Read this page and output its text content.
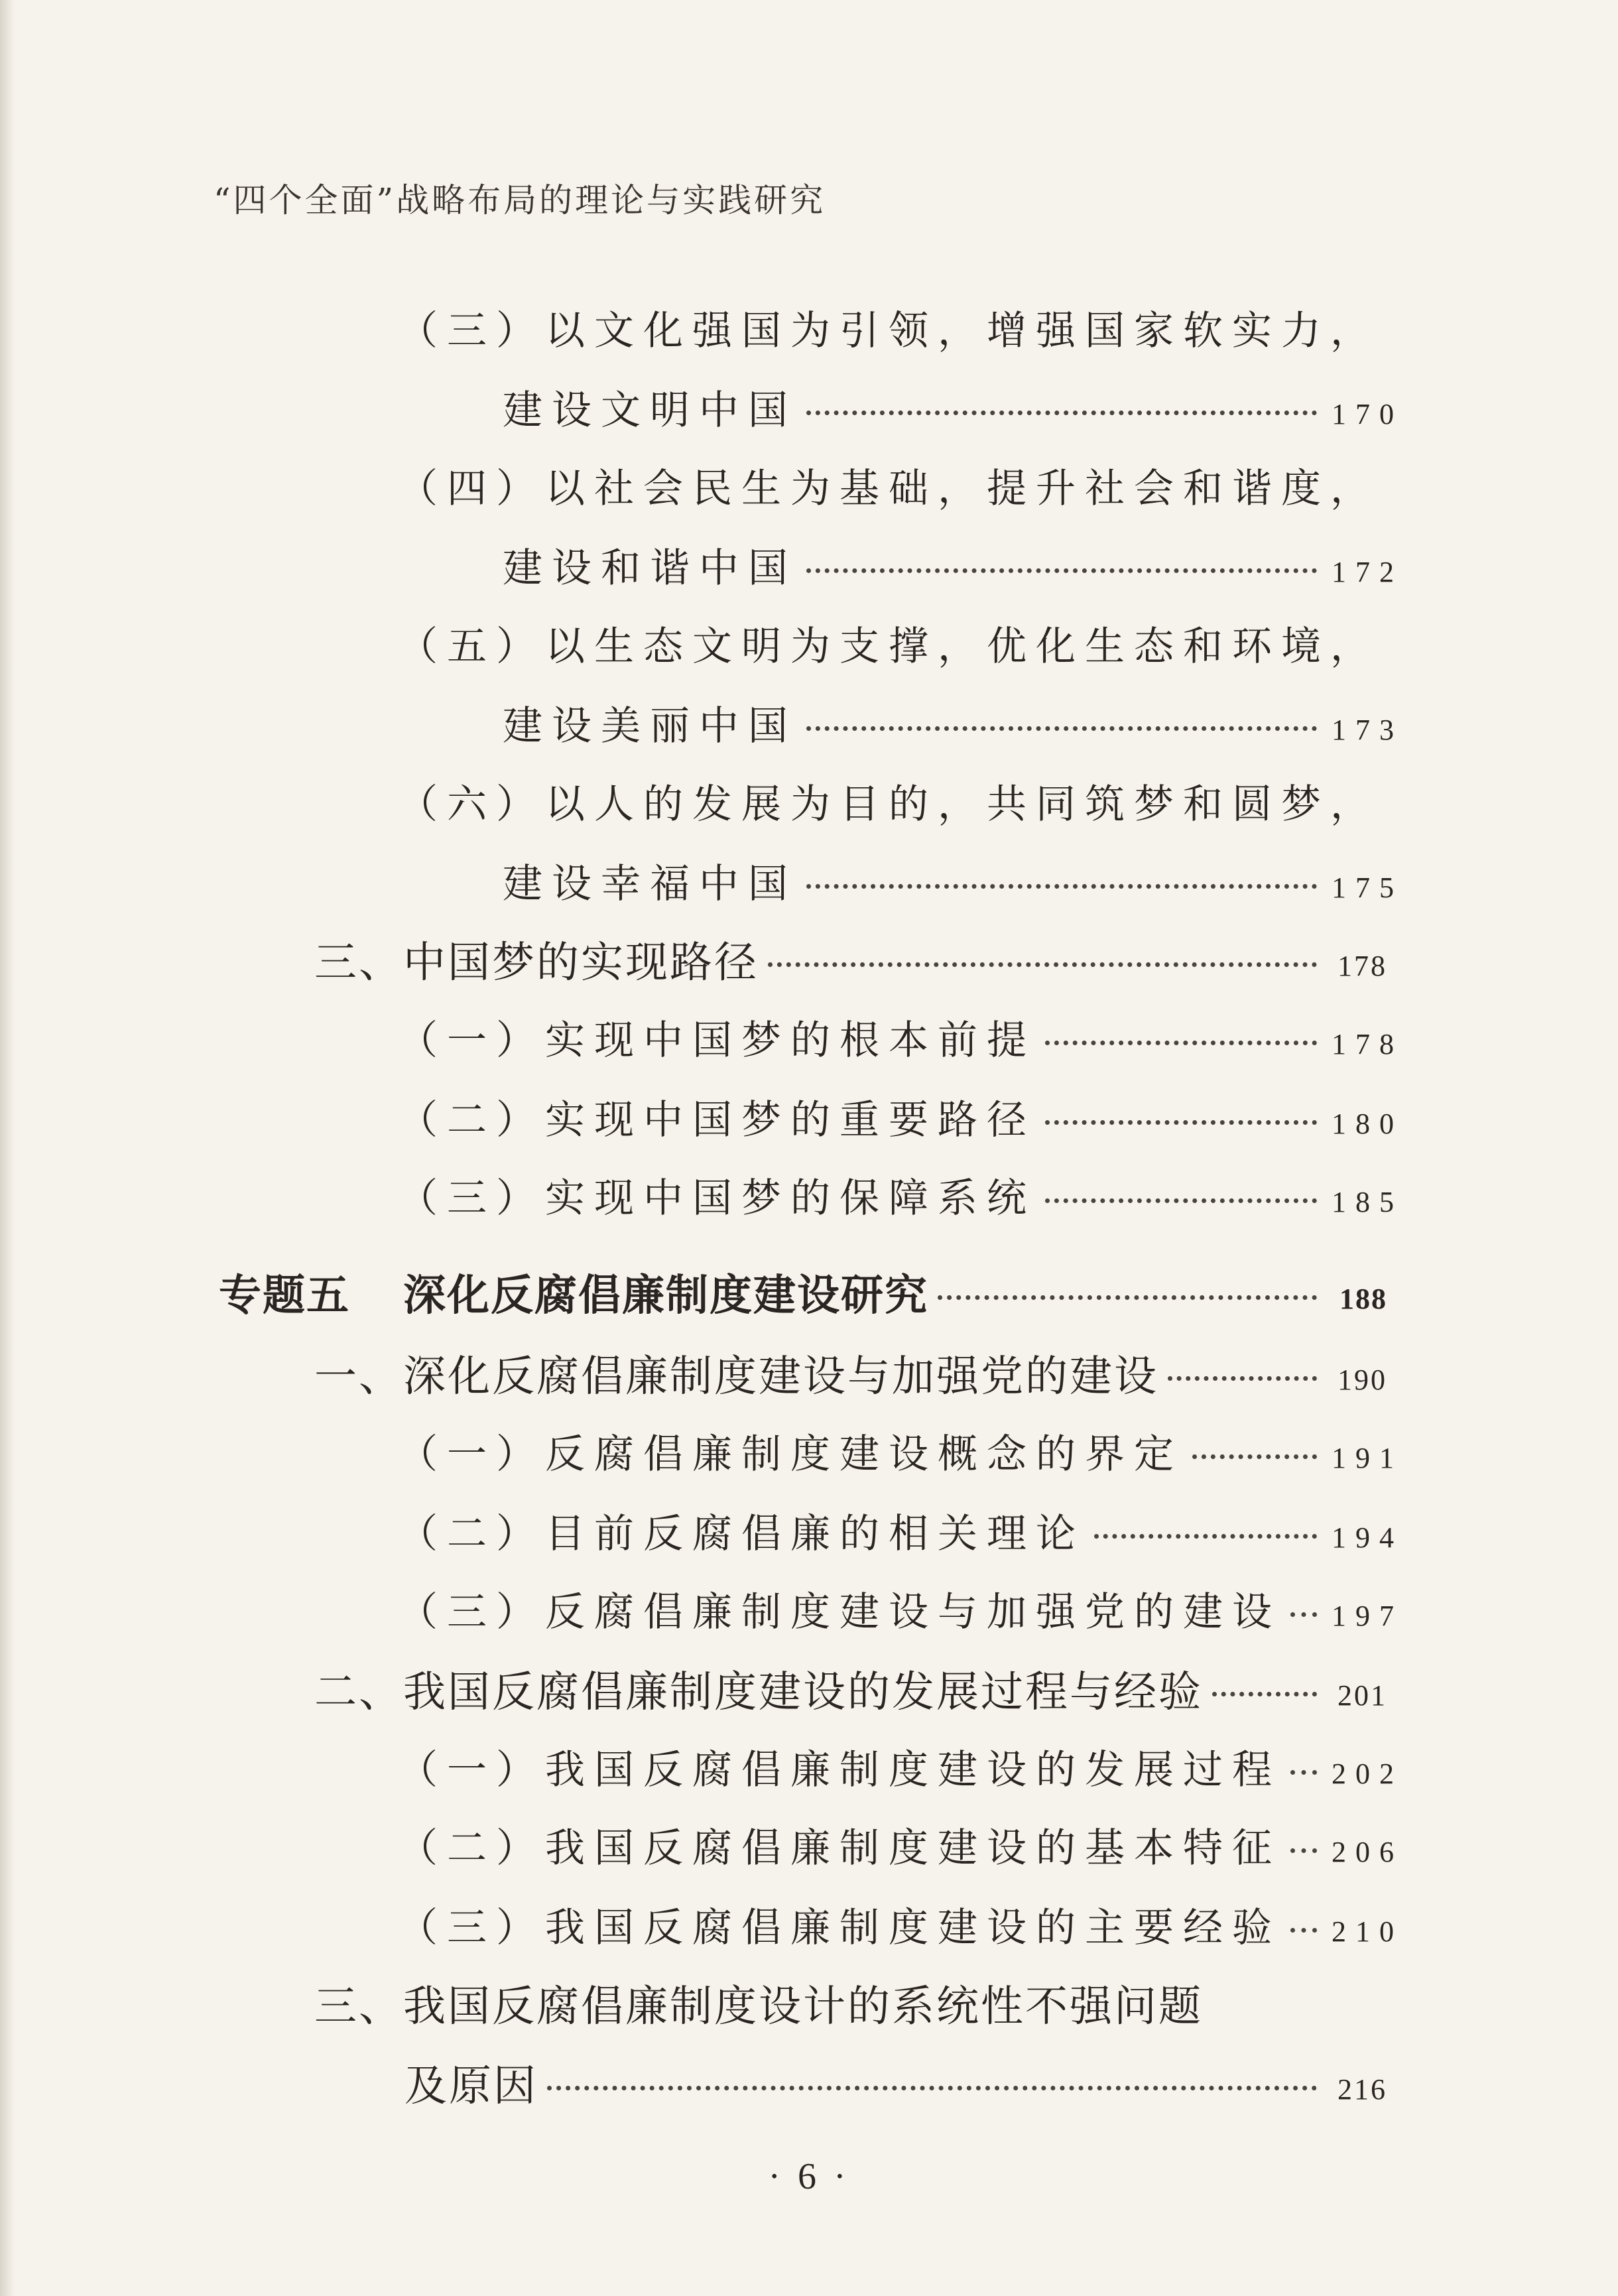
“四个全面”战略布局的理论与实践研究
（三）以文化强国为引领，增强国家软实力，
建设文明中国	170
（四）以社会民生为基础，提升社会和谐度，
建设和谐中国	172
（五）以生态文明为支撑，优化生态和环境，
建设美丽中国	173
（六）以人的发展为目的，共同筑梦和圆梦，
建设幸福中国	175
三、中国梦的实现路径	178
（一）实现中国梦的根本前提	178
（二）实现中国梦的重要路径	180
（三）实现中国梦的保障系统	185
专题五 深化反腐倡廉制度建设研究	188
一、深化反腐倡廉制度建设与加强党的建设	190
（一）反腐倡廉制度建设概念的界定	191
（二）目前反腐倡廉的相关理论	194
（三）反腐倡廉制度建设与加强党的建设 197
二、我国反腐倡廉制度建设的发展过程与经验	201
（一）我国反腐倡廉制度建设的发展过程 202
（二）我国反腐倡廉制度建设的基本特征 206
（三）我国反腐倡廉制度建设的主要经验 210
三、我国反腐倡廉制度设计的系统性不强问题
及原因	216
· 6 ·
